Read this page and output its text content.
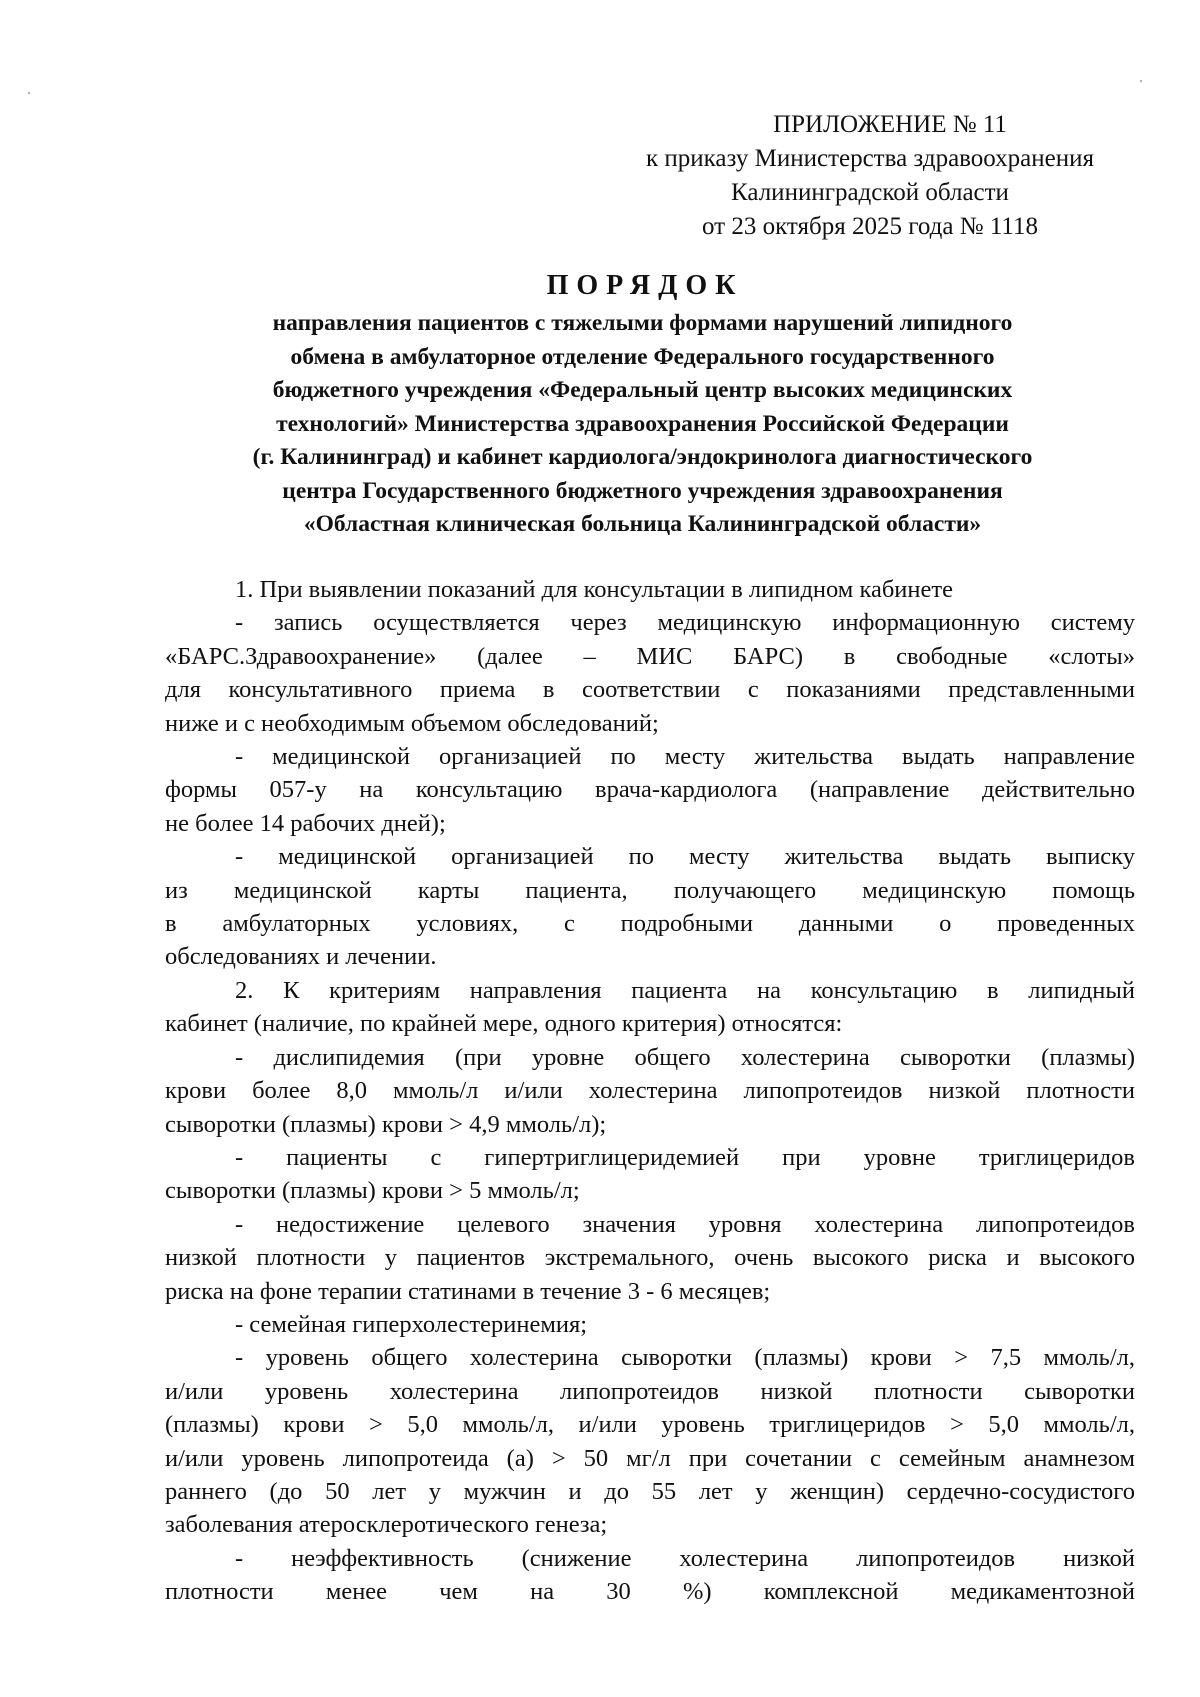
ПРИЛОЖЕНИЕ № 11
к приказу Министерства здравоохранения
Калининградской области
от 23 октября 2025 года № 1118
ПОРЯДОК
направления пациентов с тяжелыми формами нарушений липидного
обмена в амбулаторное отделение Федерального государственного
бюджетного учреждения «Федеральный центр высоких медицинских
технологий» Министерства здравоохранения Российской Федерации
(г. Калининград) и кабинет кардиолога/эндокринолога диагностического
центра Государственного бюджетного учреждения здравоохранения
«Областная клиническая больница Калининградской области»
1. При выявлении показаний для консультации в липидном кабинете
- запись осуществляется через медицинскую информационную систему
«БАРС.Здравоохранение» (далее – МИС БАРС) в свободные «слоты»
для консультативного приема в соответствии с показаниями представленными
ниже и с необходимым объемом обследований;
- медицинской организацией по месту жительства выдать направление
формы 057-у на консультацию врача-кардиолога (направление действительно
не более 14 рабочих дней);
- медицинской организацией по месту жительства выдать выписку
из медицинской карты пациента, получающего медицинскую помощь
в амбулаторных условиях, с подробными данными о проведенных
обследованиях и лечении.
2. К критериям направления пациента на консультацию в липидный
кабинет (наличие, по крайней мере, одного критерия) относятся:
- дислипидемия (при уровне общего холестерина сыворотки (плазмы)
крови более 8,0 ммоль/л и/или холестерина липопротеидов низкой плотности
сыворотки (плазмы) крови > 4,9 ммоль/л);
- пациенты с гипертриглицеридемией при уровне триглицеридов
сыворотки (плазмы) крови > 5 ммоль/л;
- недостижение целевого значения уровня холестерина липопротеидов
низкой плотности у пациентов экстремального, очень высокого риска и высокого
риска на фоне терапии статинами в течение 3 - 6 месяцев;
- семейная гиперхолестеринемия;
- уровень общего холестерина сыворотки (плазмы) крови > 7,5 ммоль/л,
и/или уровень холестерина липопротеидов низкой плотности сыворотки
(плазмы) крови > 5,0 ммоль/л, и/или уровень триглицеридов > 5,0 ммоль/л,
и/или уровень липопротеида (а) > 50 мг/л при сочетании с семейным анамнезом
раннего (до 50 лет у мужчин и до 55 лет у женщин) сердечно-сосудистого
заболевания атеросклеротического генеза;
- неэффективность (снижение холестерина липопротеидов низкой
плотности менее чем на 30 %) комплексной медикаментозной
